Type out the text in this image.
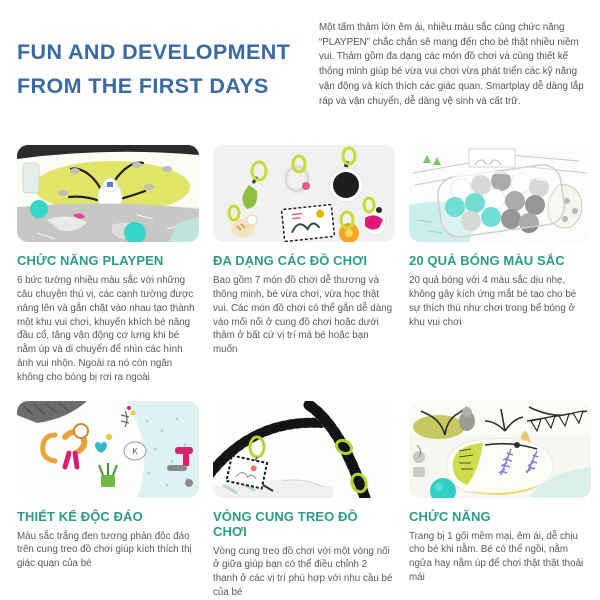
FUN AND DEVELOPMENT
FROM THE FIRST DAYS

Một tấm thảm lớn êm ái, nhiều màu sắc cùng chức năng “PLAYPEN” chắc chắn sẽ mang đến cho bé thật nhiều niềm vui. Thảm gồm đa dạng các món đồ chơi và cùng thiết kế thông minh giúp bé vừa vui chơi vừa phát triển các kỹ năng vận động và kích thích các giác quan. Smartplay dễ dàng lắp ráp và vận chuyển, dễ dàng vệ sinh và cất trữ.

CHỨC NĂNG PLAYPEN

6 bức tường nhiều màu sắc với những câu chuyện thú vị, các cạnh tường được nâng lên và gắn chặt vào nhau tạo thành một khu vui chơi, khuyến khích bé nâng đầu cổ, tăng vận động cơ lưng khi bé nằm úp và di chuyển để nhìn các hình ảnh vui nhộn. Ngoài ra nó còn ngăn không cho bóng bị rơi ra ngoài

ĐA DẠNG CÁC ĐỒ CHƠI

Bao gồm 7 món đồ chơi dễ thương và thông minh, bé vừa chơi, vừa học thật vui. Các món đồ chơi có thể gắn dễ dàng vào mối nối ở cung đồ chơi hoặc dưới thảm ở bất cứ vị trí mà bé hoặc bạn muốn

20 QUẢ BÓNG MÀU SẮC

20 quả bóng với 4 màu sắc dịu nhẹ, không gây kích ứng mắt bé tạo cho bé sự thích thú như chơi trong bể bóng ở khu vui chơi

K
THIẾT KẾ ĐỘC ĐÁO

Màu sắc trắng đen tương phản độc đáo trên cung treo đồ chơi giúp kích thích thị giác quan của bé

VÒNG CUNG TREO ĐỒ CHƠI

Vòng cung treo đồ chơi với một vòng nối ở giữa giúp bạn có thể điều chỉnh 2 thanh ở các vị trí phù hợp với nhu cầu bé của bé

CHỨC NĂNG

Trang bị 1 gối mềm mại, êm ái, dễ chịu cho bé khi nằm. Bé có thể ngồi, nằm ngửa hay nằm úp để chơi thật thật thoải mái
